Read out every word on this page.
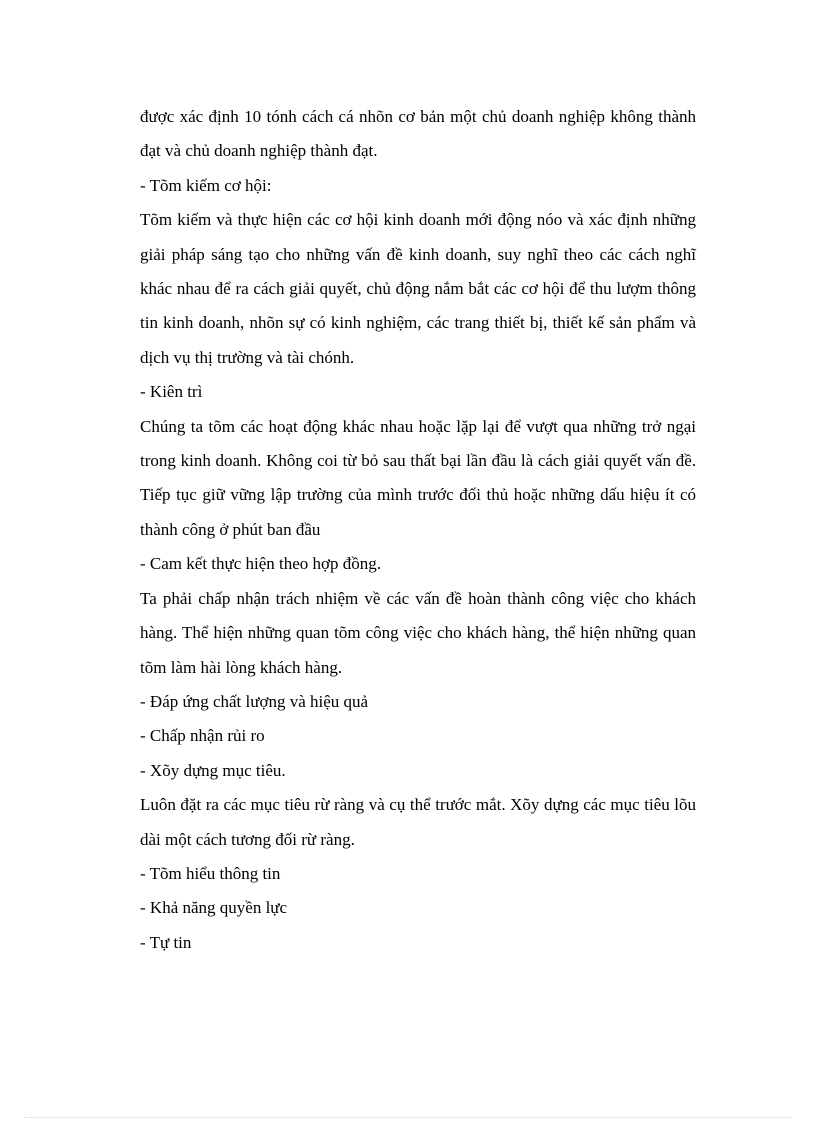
được xác định 10 tónh cách cá nhõn cơ bản một chủ doanh nghiệp không thành đạt và chủ doanh nghiệp thành đạt.

- Tõm kiếm cơ hội:

Tõm kiếm và thực hiện các cơ hội kinh doanh mới động nóo và xác định những giải pháp sáng tạo cho những vấn đề kinh doanh, suy nghĩ theo các cách nghĩ khác nhau để ra cách giải quyết, chủ động nắm bắt các cơ hội để thu lượm thông tin kinh doanh, nhõn sự có kinh nghiệm, các trang thiết bị, thiết kế sản phẩm và dịch vụ thị trường và tài chónh.

- Kiên trì

Chúng ta tõm các hoạt động khác nhau hoặc lặp lại để vượt qua những trở ngại trong kinh doanh. Không coi từ bỏ sau thất bại lần đầu là cách giải quyết vấn đề. Tiếp tục giữ vững lập trường của mình trước đối thủ hoặc những dấu hiệu ít có thành công ở phút ban đầu

- Cam kết thực hiện theo hợp đồng.

Ta phải chấp nhận trách nhiệm về các vấn đề hoàn thành công việc cho khách hàng. Thể hiện những quan tõm công việc cho khách hàng, thể hiện những quan tõm làm hài lòng khách hàng.

- Đáp ứng chất lượng và hiệu quả

- Chấp nhận rủi ro

- Xõy dựng mục tiêu.

Luôn đặt ra các mục tiêu rừ ràng và cụ thể trước mắt. Xõy dựng các mục tiêu lõu dài một cách tương đối rừ ràng.

- Tõm hiểu thông tin

- Khả năng quyền lực

- Tự tin
